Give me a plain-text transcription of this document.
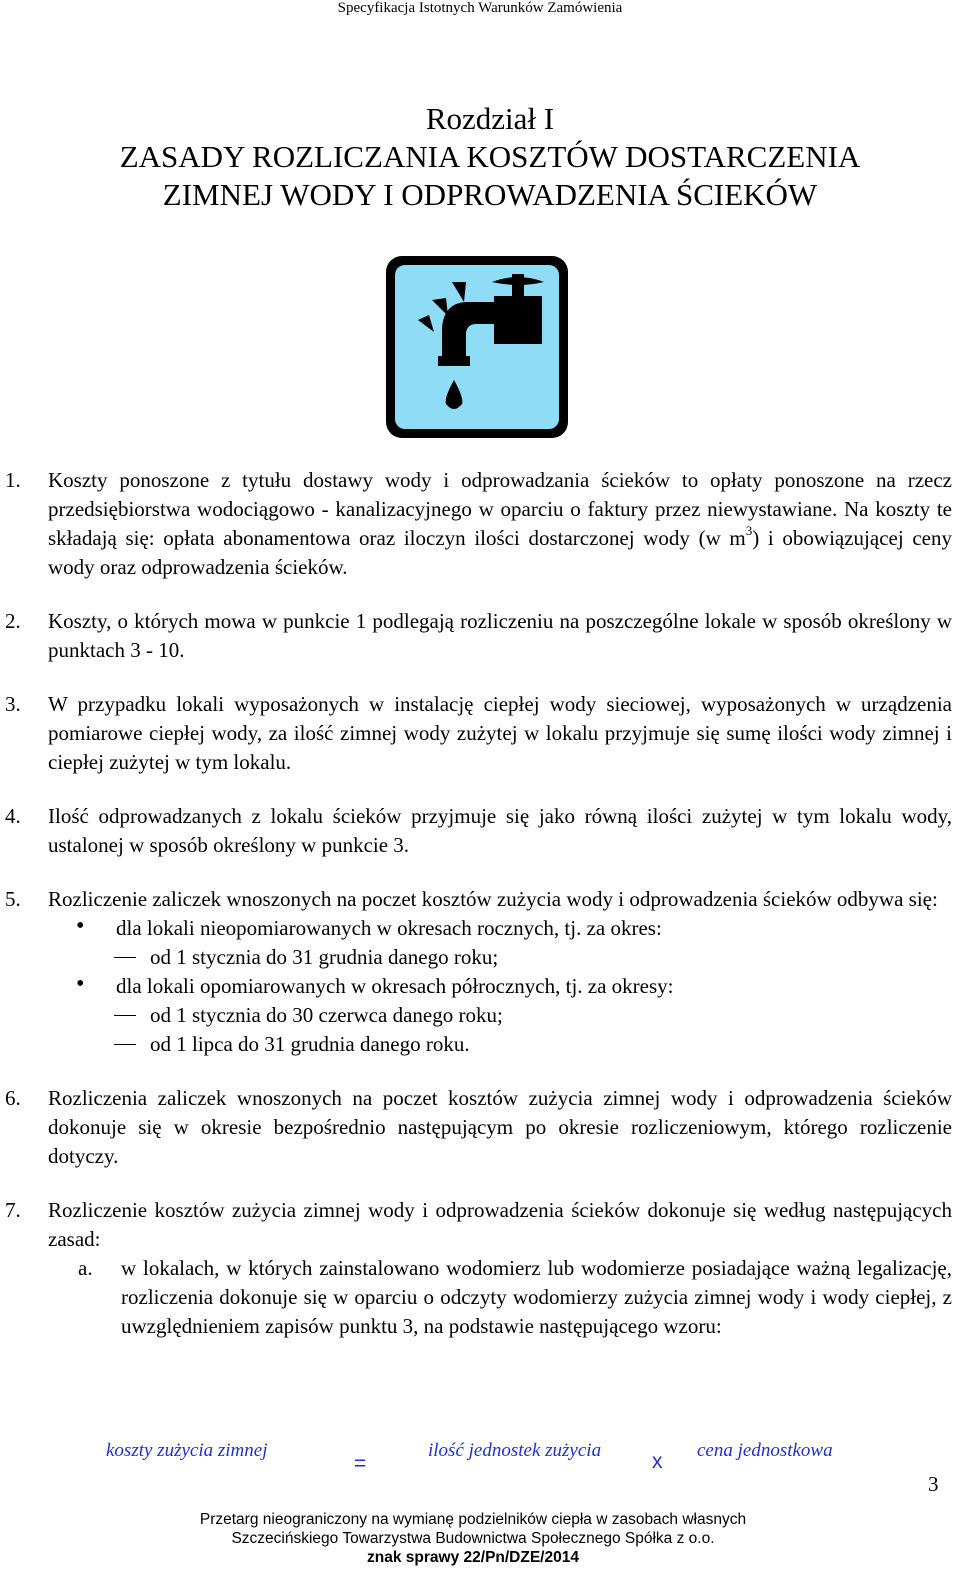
Specyfikacja Istotnych Warunków Zamówienia
Rozdział I
ZASADY ROZLICZANIA KOSZTÓW DOSTARCZENIA
ZIMNEJ WODY I ODPROWADZENIA ŚCIEKÓW
1. Koszty ponoszone z tytułu dostawy wody i odprowadzania ścieków to opłaty ponoszone na rzecz przedsiębiorstwa wodociągowo - kanalizacyjnego w oparciu o faktury przez niewystawiane. Na koszty te składają się: opłata abonamentowa oraz iloczyn ilości dostarczonej wody (w $m^3$) i obowiązującej ceny wody oraz odprowadzenia ścieków.

2. Koszty, o których mowa w punkcie 1 podlegają rozliczeniu na poszczególne lokale w sposób określony w punktach 3 - 10.

3. W przypadku lokali wyposażonych w instalację ciepłej wody sieciowej, wyposażonych w urządzenia pomiarowe ciepłej wody, za ilość zimnej wody zużytej w lokalu przyjmuje się sumę ilości wody zimnej i ciepłej zużytej w tym lokalu.

4. Ilość odprowadzanych z lokalu ścieków przyjmuje się jako równą ilości zużytej w tym lokalu wody, ustalonej w sposób określony w punkcie 3.

5. Rozliczenie zaliczek wnoszonych na poczet kosztów zużycia wody i odprowadzenia ścieków odbywa się:

• dla lokali nieopomiarowanych w okresach rocznych, tj. za okres:
od 1 stycznia do 31 grudnia danego roku;
• dla lokali opomiarowanych w okresach półrocznych, tj. za okresy:
od 1 stycznia do 30 czerwca danego roku;
od 1 lipca do 31 grudnia danego roku.
6. Rozliczenia zaliczek wnoszonych na poczet kosztów zużycia zimnej wody i odprowadzenia ścieków dokonuje się w okresie bezpośrednio następującym po okresie rozliczeniowym, którego rozliczenie dotyczy.

7. Rozliczenie kosztów zużycia zimnej wody i odprowadzenia ścieków dokonuje się według następujących zasad:

a. w lokalach, w których zainstalowano wodomierz lub wodomierze posiadające ważną legalizację, rozliczenia dokonuje się w oparciu o odczyty wodomierzy zużycia zimnej wody i wody ciepłej, z uwzględnieniem zapisów punktu 3, na podstawie następującego wzoru:

koszty zużycia zimnej
=
ilość jednostek zużycia x cena jednostkowa
3
Przetarg nieograniczony na wymianę podzielników ciepła w zasobach własnych
Szczecińskiego Towarzystwa Budownictwa Społecznego Spółka z o.o.
znak sprawy 22/Pn/DZE/2014
